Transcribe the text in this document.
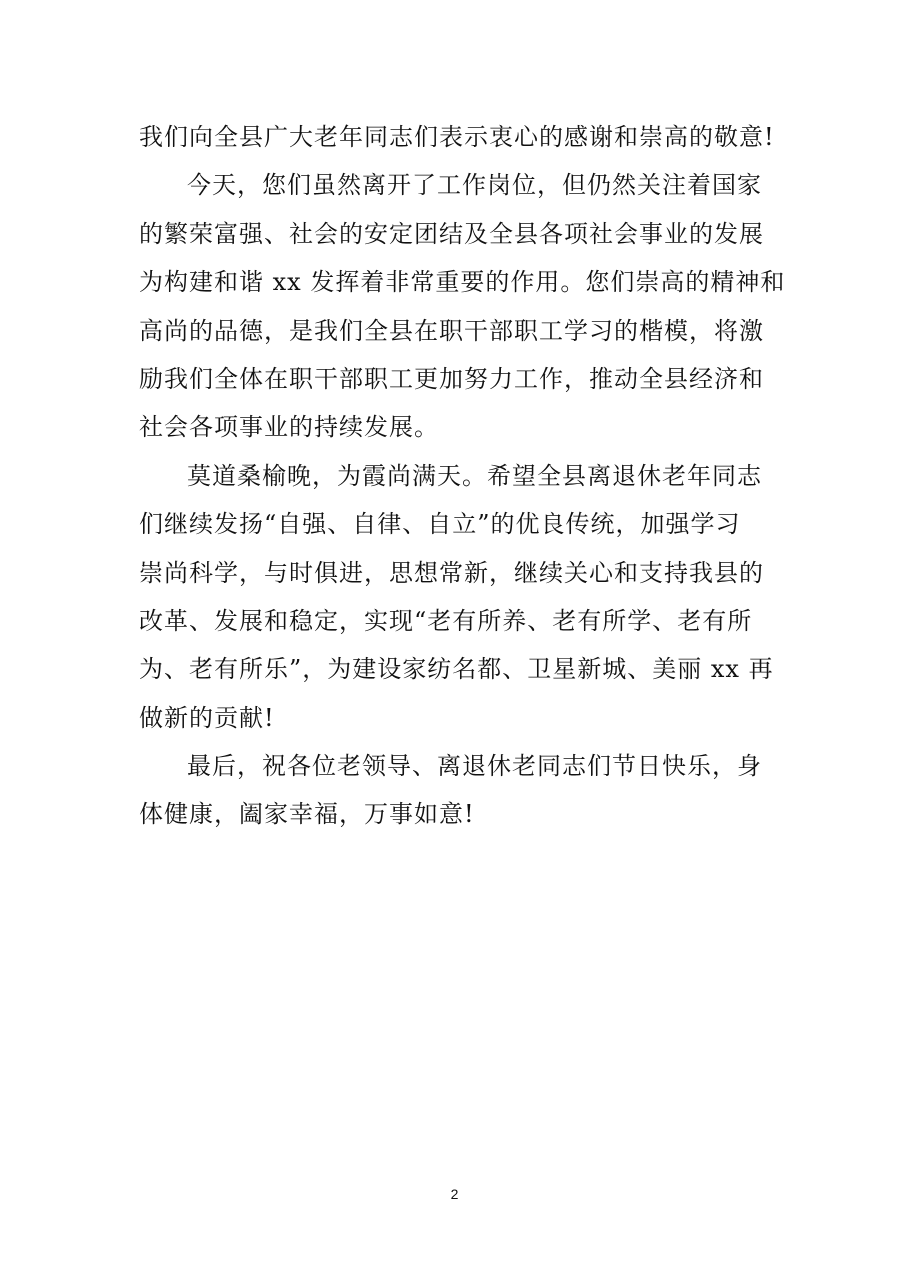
我们向全县广大老年同志们表示衷心的感谢和崇高的敬意!
今天，您们虽然离开了工作岗位，但仍然关注着国家
的繁荣富强、社会的安定团结及全县各项社会事业的发展
为构建和谐 xx 发挥着非常重要的作用。您们崇高的精神和
高尚的品德，是我们全县在职干部职工学习的楷模，将激
励我们全体在职干部职工更加努力工作，推动全县经济和
社会各项事业的持续发展。
莫道桑榆晚，为霞尚满天。希望全县离退休老年同志
们继续发扬“自强、自律、自立”的优良传统，加强学习
崇尚科学，与时俱进，思想常新，继续关心和支持我县的
改革、发展和稳定，实现“老有所养、老有所学、老有所
为、老有所乐”，为建设家纺名都、卫星新城、美丽 xx 再
做新的贡献!
最后，祝各位老领导、离退休老同志们节日快乐，身
体健康，阖家幸福，万事如意!
2
